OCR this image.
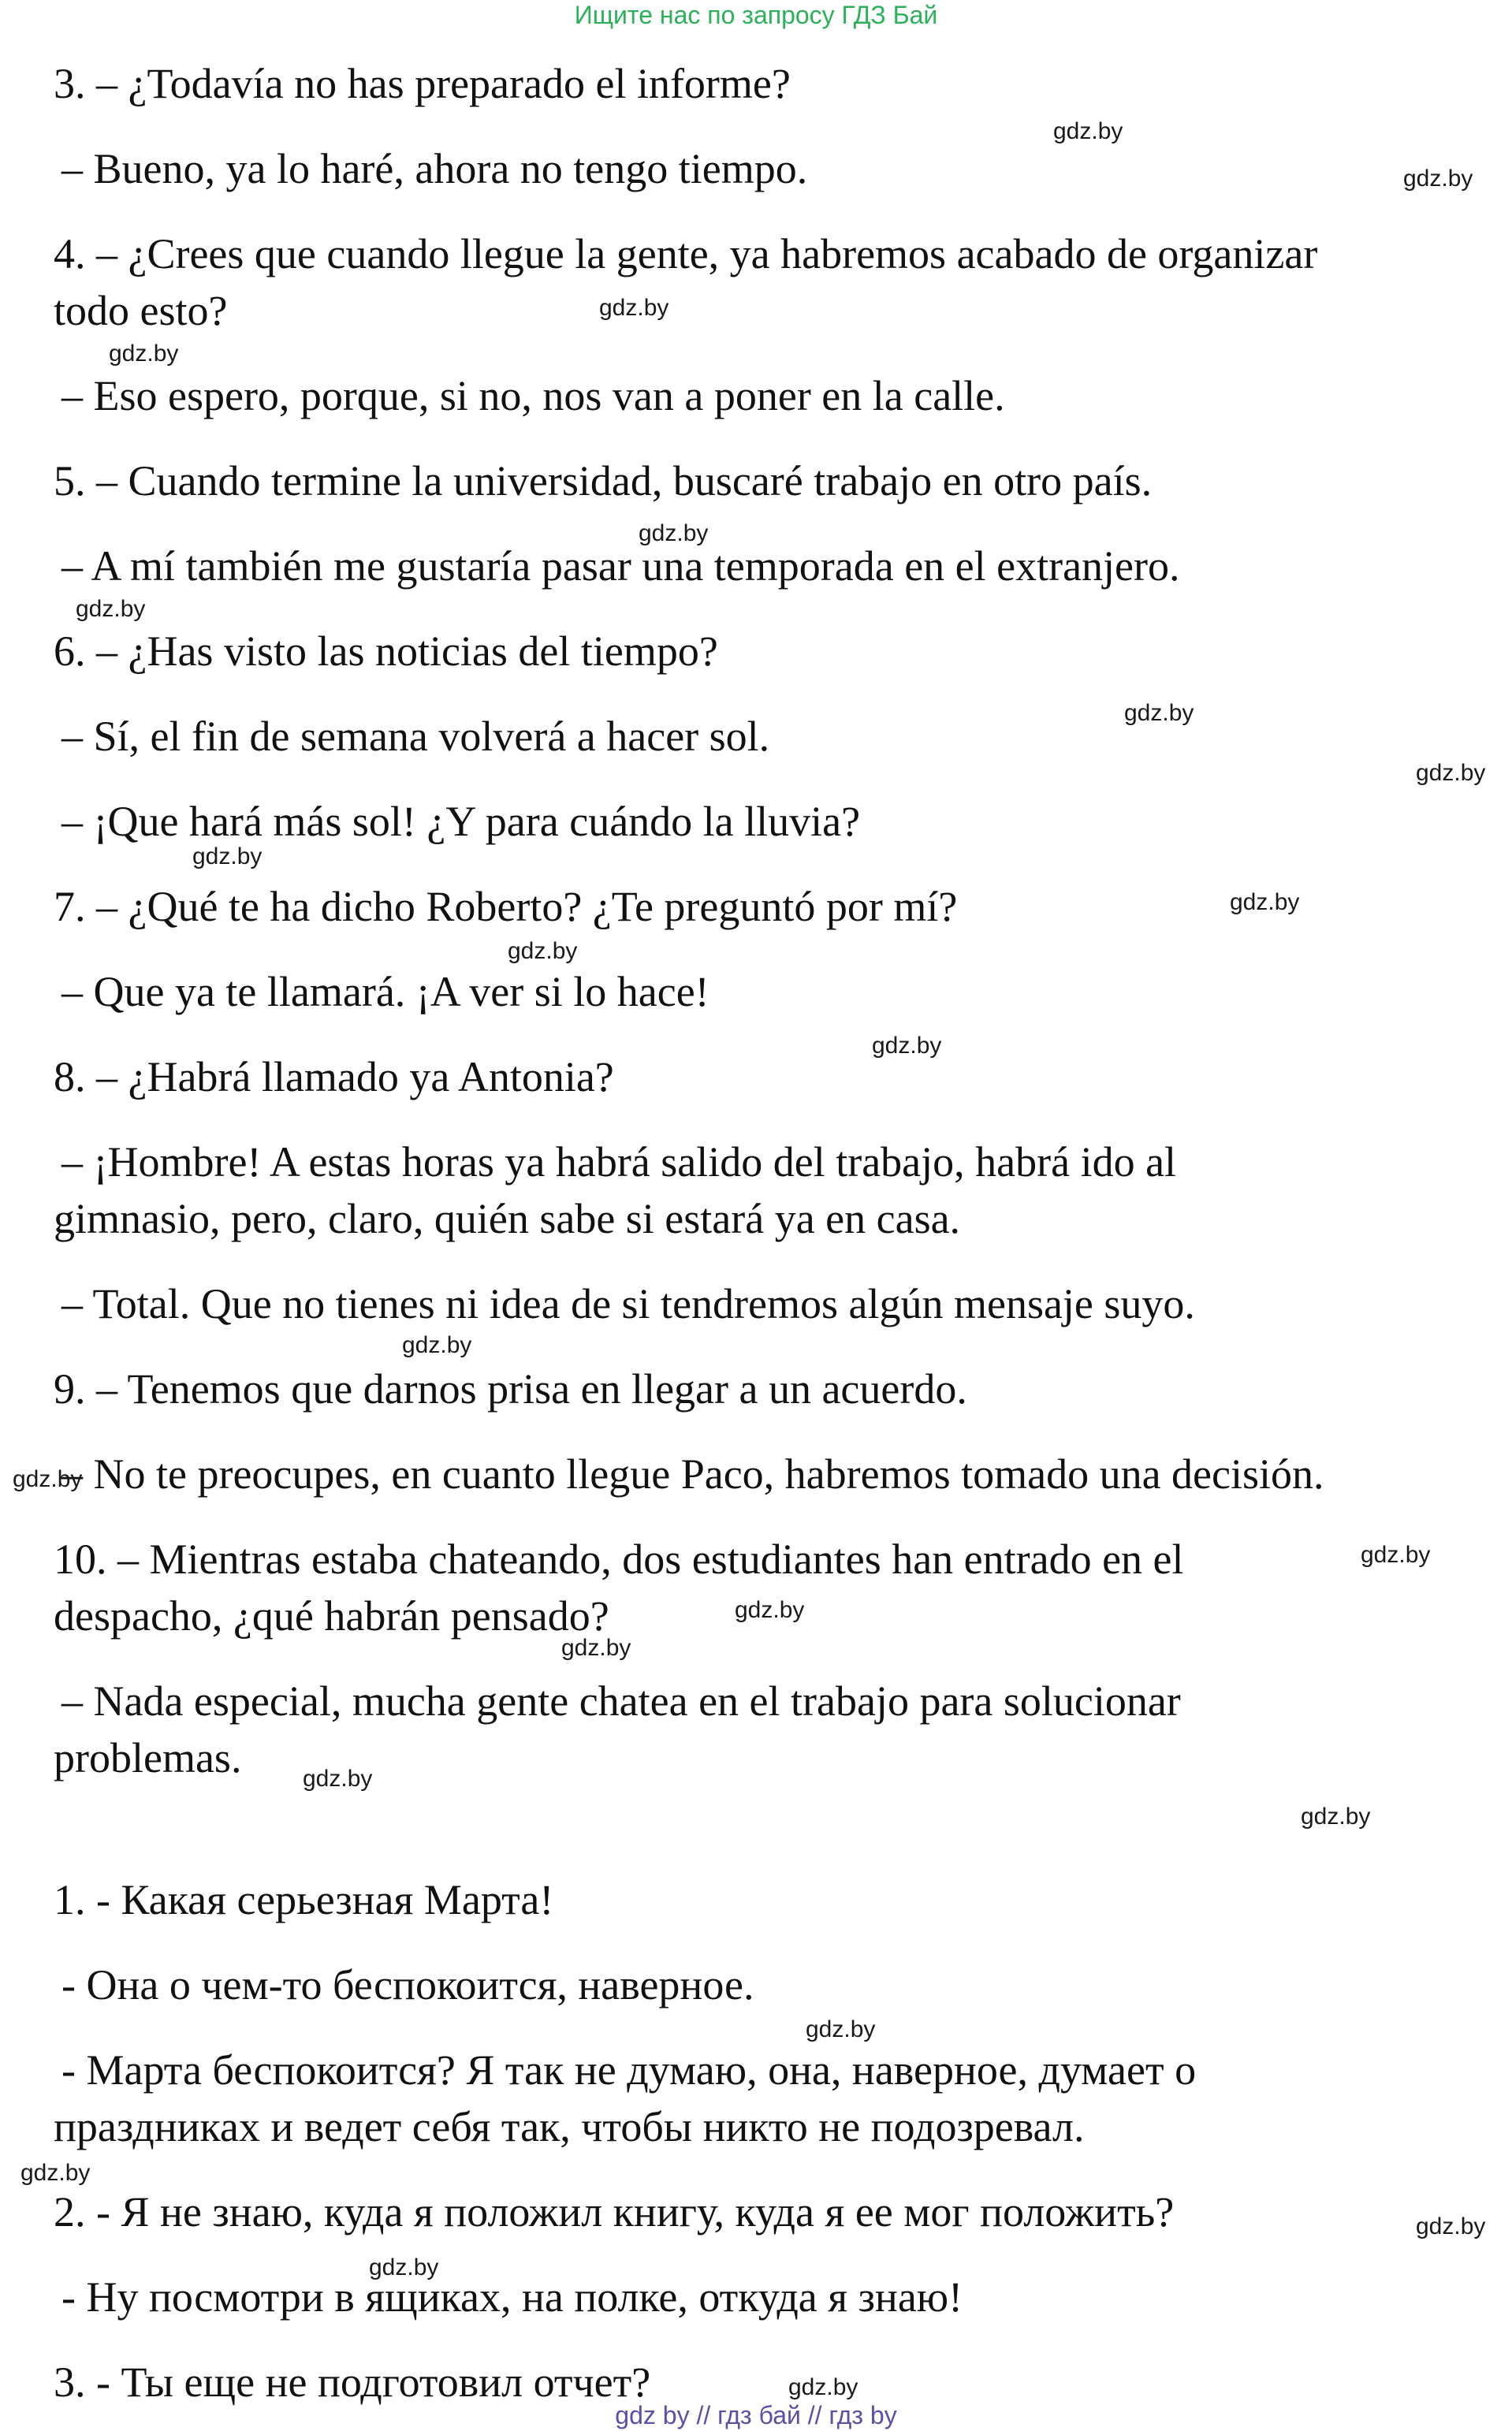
Ищите нас по запросу ГДЗ Бай

3. – ¿Todavía no has preparado el informe?

– Bueno, ya lo haré, ahora no tengo tiempo.

4. – ¿Crees que cuando llegue la gente, ya habremos acabado de organizar

todo esto?

– Eso espero, porque, si no, nos van a poner en la calle.

5. – Cuando termine la universidad, buscaré trabajo en otro país.

– A mí también me gustaría pasar una temporada en el extranjero.

6. – ¿Has visto las noticias del tiempo?

– Sí, el fin de semana volverá a hacer sol.

– ¡Que hará más sol! ¿Y para cuándo la lluvia?

7. – ¿Qué te ha dicho Roberto? ¿Te preguntó por mí?

– Que ya te llamará. ¡A ver si lo hace!

8. – ¿Habrá llamado ya Antonia?

– ¡Hombre! A estas horas ya habrá salido del trabajo, habrá ido al

gimnasio, pero, claro, quién sabe si estará ya en casa.

– Total. Que no tienes ni idea de si tendremos algún mensaje suyo.

9. – Tenemos que darnos prisa en llegar a un acuerdo.

– No te preocupes, en cuanto llegue Paco, habremos tomado una decisión.

10. – Mientras estaba chateando, dos estudiantes han entrado en el

despacho, ¿qué habrán pensado?

– Nada especial, mucha gente chatea en el trabajo para solucionar

problemas.

1. - Какая серьезная Марта!

- Она о чем-то беспокоится, наверное.

- Марта беспокоится? Я так не думаю, она, наверное, думает о

праздниках и ведет себя так, чтобы никто не подозревал.

2. - Я не знаю, куда я положил книгу, куда я ее мог положить?

- Ну посмотри в ящиках, на полке, откуда я знаю!

3. - Ты еще не подготовил отчет?

gdz.by
gdz.by
gdz.by
gdz.by
gdz.by
gdz.by
gdz.by
gdz.by
gdz.by
gdz.by
gdz.by
gdz.by
gdz.by
gdz.by
gdz.by
gdz.by
gdz.by
gdz.by
gdz.by
gdz.by
gdz.by
gdz.by
gdz.by
gdz.by
gdz by // гдз бай // гдз by
